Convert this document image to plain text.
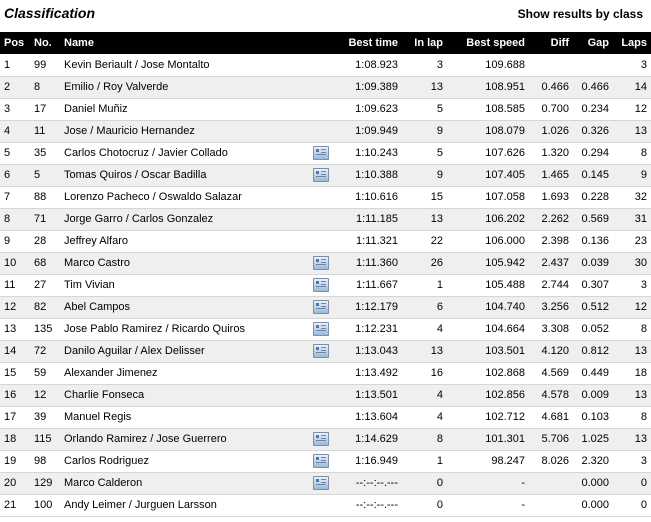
Classification	Show results by class
Pos	No.	Name		Best time	In lap	Best speed	Diff	Gap	Laps
1	99	Kevin Beriault / Jose Montalto		1:08.923	3	109.688			3
2	8	Emilio / Roy Valverde		1:09.389	13	108.951	0.466	0.466	14
3	17	Daniel Muñiz		1:09.623	5	108.585	0.700	0.234	12
4	11	Jose / Mauricio Hernandez		1:09.949	9	108.079	1.026	0.326	13
5	35	Carlos Chotocruz / Javier Collado		1:10.243	5	107.626	1.320	0.294	8
6	5	Tomas Quiros / Oscar Badilla		1:10.388	9	107.405	1.465	0.145	9
7	88	Lorenzo Pacheco / Oswaldo Salazar		1:10.616	15	107.058	1.693	0.228	32
8	71	Jorge Garro / Carlos Gonzalez		1:11.185	13	106.202	2.262	0.569	31
9	28	Jeffrey Alfaro		1:11.321	22	106.000	2.398	0.136	23
10	68	Marco Castro		1:11.360	26	105.942	2.437	0.039	30
11	27	Tim Vivian		1:11.667	1	105.488	2.744	0.307	3
12	82	Abel Campos		1:12.179	6	104.740	3.256	0.512	12
13	135	Jose Pablo Ramirez / Ricardo Quiros		1:12.231	4	104.664	3.308	0.052	8
14	72	Danilo Aguilar / Alex Delisser		1:13.043	13	103.501	4.120	0.812	13
15	59	Alexander Jimenez		1:13.492	16	102.868	4.569	0.449	18
16	12	Charlie Fonseca		1:13.501	4	102.856	4.578	0.009	13
17	39	Manuel Regis		1:13.604	4	102.712	4.681	0.103	8
18	115	Orlando Ramirez / Jose Guerrero		1:14.629	8	101.301	5.706	1.025	13
19	98	Carlos Rodriguez		1:16.949	1	98.247	8.026	2.320	3
20	129	Marco Calderon		--:--:--.---	0	-		0.000	0
21	100	Andy Leimer / Jurguen Larsson		--:--:--.---	0	-		0.000	0
